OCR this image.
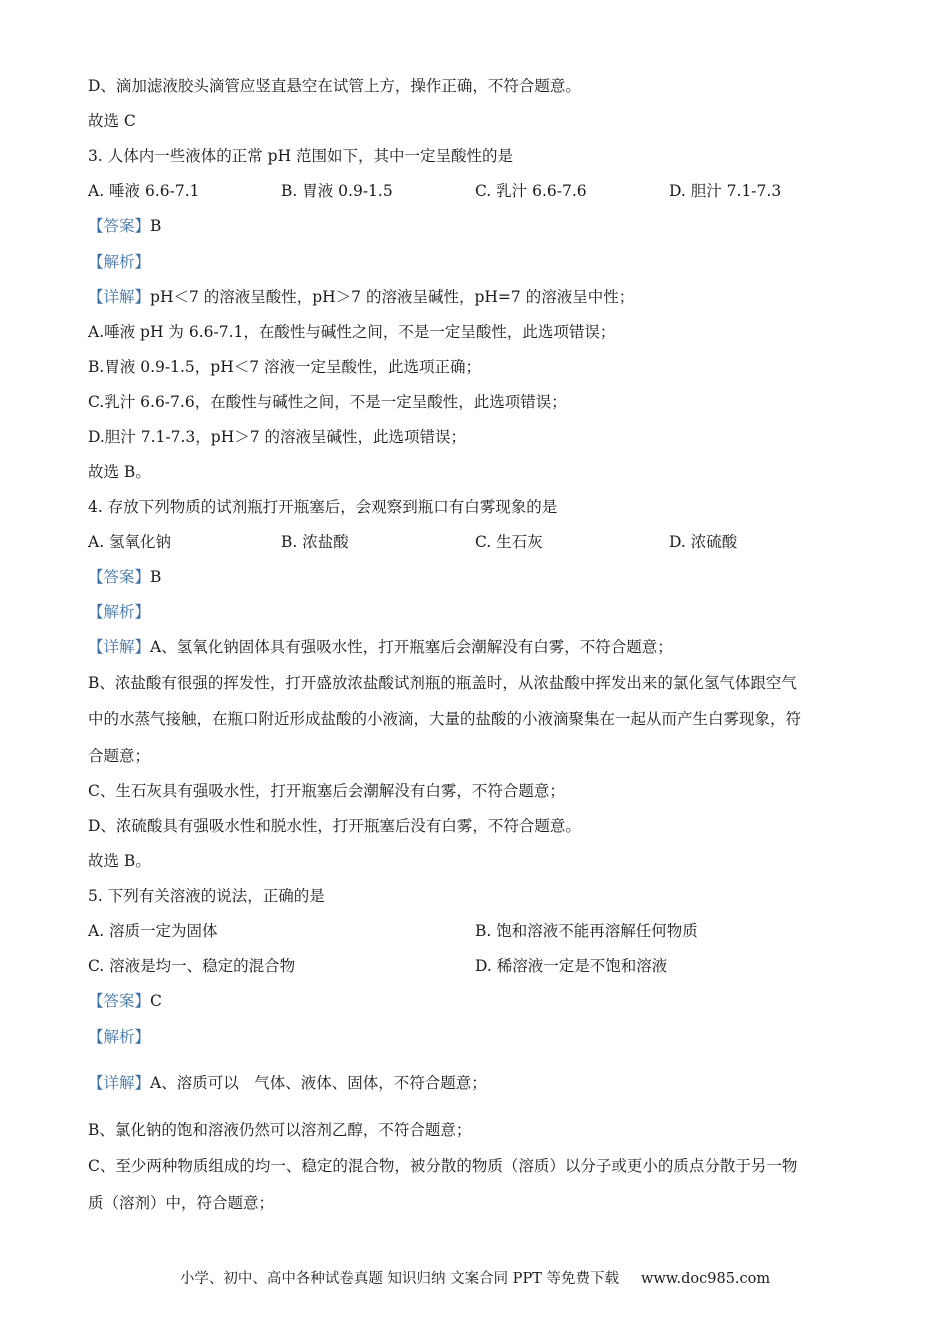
D、滴加滤液胶头滴管应竖直悬空在试管上方，操作正确，不符合题意。
故选 C
3. 人体内一些液体的正常 pH 范围如下，其中一定呈酸性的是
A. 唾液 6.6-7.1	B. 胃液 0.9-1.5	C. 乳汁 6.6-7.6	D. 胆汁 7.1-7.3
【答案】B
【解析】
【详解】pH＜7 的溶液呈酸性，pH＞7 的溶液呈碱性，pH=7 的溶液呈中性；
A.唾液 pH 为 6.6-7.1，在酸性与碱性之间，不是一定呈酸性，此选项错误；
B.胃液 0.9-1.5，pH＜7 溶液一定呈酸性，此选项正确；
C.乳汁 6.6-7.6，在酸性与碱性之间，不是一定呈酸性，此选项错误；
D.胆汁 7.1-7.3，pH＞7 的溶液呈碱性，此选项错误；
故选 B。
4. 存放下列物质的试剂瓶打开瓶塞后，会观察到瓶口有白雾现象的是
A. 氢氧化钠	B. 浓盐酸	C. 生石灰	D. 浓硫酸
【答案】B
【解析】
【详解】A、氢氧化钠固体具有强吸水性，打开瓶塞后会潮解没有白雾，不符合题意；
B、浓盐酸有很强的挥发性，打开盛放浓盐酸试剂瓶的瓶盖时，从浓盐酸中挥发出来的氯化氢气体跟空气
中的水蒸气接触，在瓶口附近形成盐酸的小液滴，大量的盐酸的小液滴聚集在一起从而产生白雾现象，符
合题意；
C、生石灰具有强吸水性，打开瓶塞后会潮解没有白雾，不符合题意；
D、浓硫酸具有强吸水性和脱水性，打开瓶塞后没有白雾，不符合题意。
故选 B。
5. 下列有关溶液的说法，正确的是
A. 溶质一定为固体	B. 饱和溶液不能再溶解任何物质
C. 溶液是均一、稳定的混合物	D. 稀溶液一定是不饱和溶液
【答案】C
【解析】
【详解】A、溶质可以　气体、液体、固体，不符合题意；
B、氯化钠的饱和溶液仍然可以溶剂乙醇，不符合题意；
C、至少两种物质组成的均一、稳定的混合物，被分散的物质（溶质）以分子或更小的质点分散于另一物
质（溶剂）中，符合题意；
小学、初中、高中各种试卷真题 知识归纳 文案合同 PPT 等免费下载 www.doc985.com
